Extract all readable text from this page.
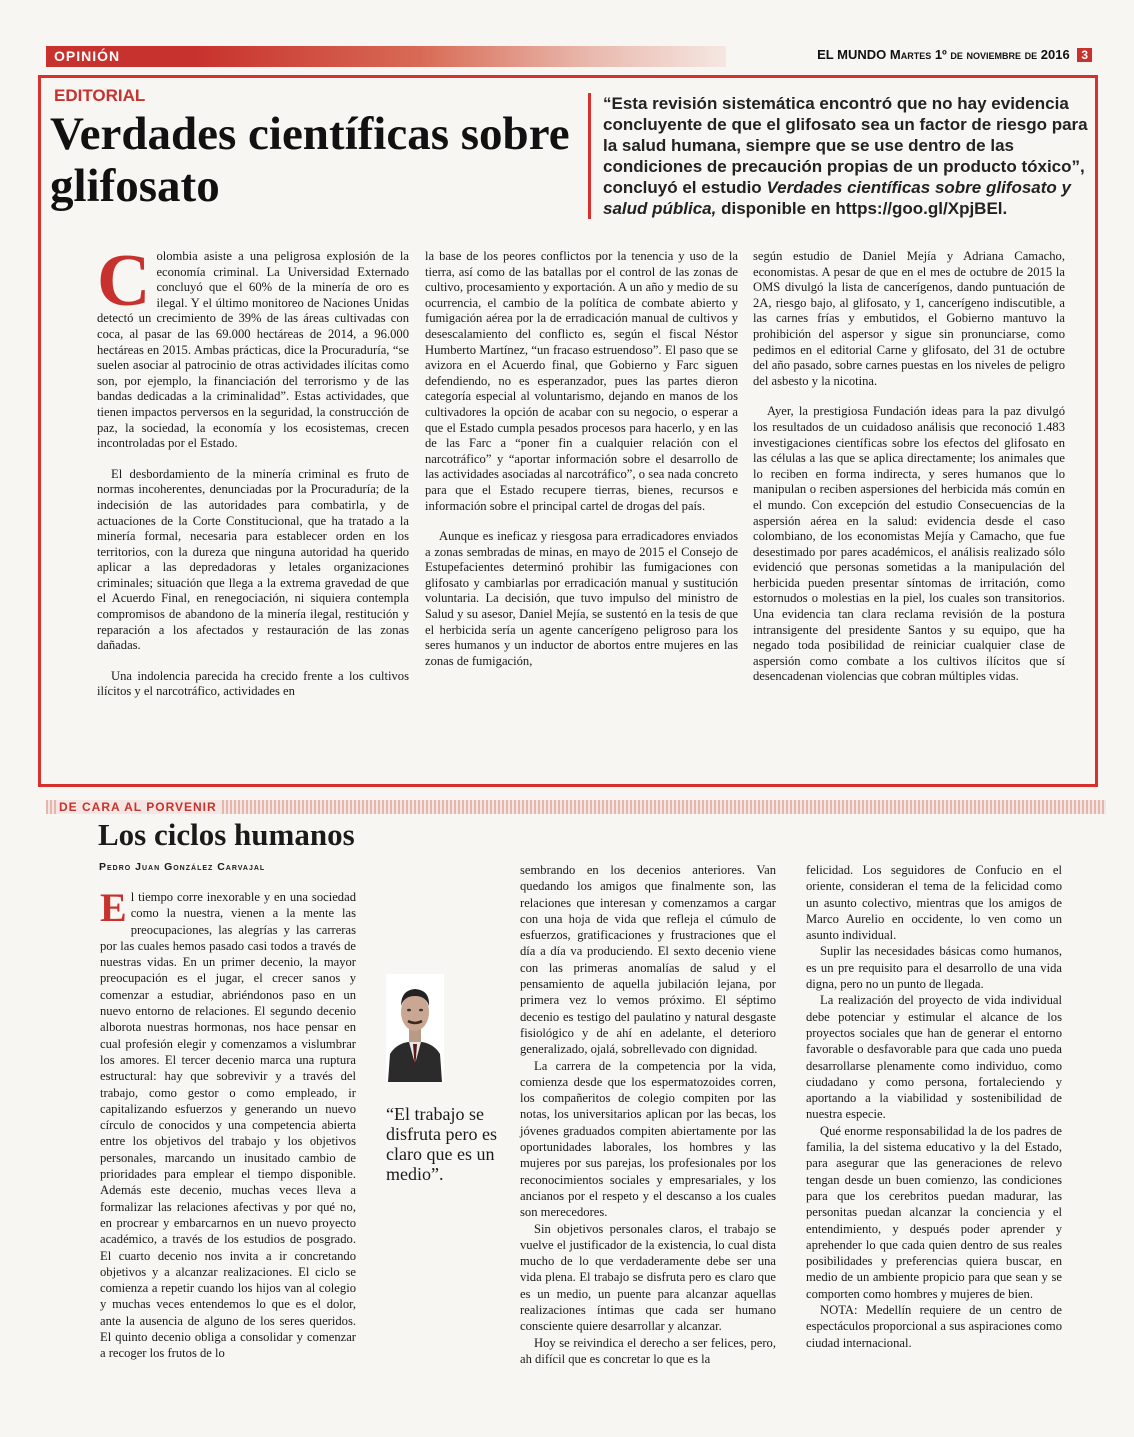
OPINIÓN	EL MUNDO Martes 1º de noviembre de 2016 3
EDITORIAL
Verdades científicas sobre glifosato
“Esta revisión sistemática encontró que no hay evidencia concluyente de que el glifosato sea un factor de riesgo para la salud humana, siempre que se use dentro de las condiciones de precaución propias de un producto tóxico”, concluyó el estudio Verdades científicas sobre glifosato y salud pública, disponible en https://goo.gl/XpjBEl.

Colombia asiste a una peligrosa explosión de la economía criminal. La Universidad Externado concluyó que el 60% de la minería de oro es ilegal. Y el último monitoreo de Naciones Unidas detectó un crecimiento de 39% de las áreas cultivadas con coca, al pasar de las 69.000 hectáreas de 2014, a 96.000 hectáreas en 2015. Ambas prácticas, dice la Procuraduría, “se suelen asociar al patrocinio de otras actividades ilícitas como son, por ejemplo, la financiación del terrorismo y de las bandas dedicadas a la criminalidad”. Estas actividades, que tienen impactos perversos en la seguridad, la construcción de paz, la sociedad, la economía y los ecosistemas, crecen incontroladas por el Estado.

El desbordamiento de la minería criminal es fruto de normas incoherentes, denunciadas por la Procuraduría; de la indecisión de las autoridades para combatirla, y de actuaciones de la Corte Constitucional, que ha tratado a la minería formal, necesaria para establecer orden en los territorios, con la dureza que ninguna autoridad ha querido aplicar a las depredadoras y letales organizaciones criminales; situación que llega a la extrema gravedad de que el Acuerdo Final, en renegociación, ni siquiera contempla compromisos de abandono de la minería ilegal, restitución y reparación a los afectados y restauración de las zonas dañadas.

Una indolencia parecida ha crecido frente a los cultivos ilícitos y el narcotráfico, actividades en

la base de los peores conflictos por la tenencia y uso de la tierra, así como de las batallas por el control de las zonas de cultivo, procesamiento y exportación. A un año y medio de su ocurrencia, el cambio de la política de combate abierto y fumigación aérea por la de erradicación manual de cultivos y desescalamiento del conflicto es, según el fiscal Néstor Humberto Martínez, “un fracaso estruendoso”. El paso que se avizora en el Acuerdo final, que Gobierno y Farc siguen defendiendo, no es esperanzador, pues las partes dieron categoría especial al voluntarismo, dejando en manos de los cultivadores la opción de acabar con su negocio, o esperar a que el Estado cumpla pesados procesos para hacerlo, y en las de las Farc a “poner fin a cualquier relación con el narcotráfico” y “aportar información sobre el desarrollo de las actividades asociadas al narcotráfico”, o sea nada concreto para que el Estado recupere tierras, bienes, recursos e información sobre el principal cartel de drogas del país.

Aunque es ineficaz y riesgosa para erradicadores enviados a zonas sembradas de minas, en mayo de 2015 el Consejo de Estupefacientes determinó prohibir las fumigaciones con glifosato y cambiarlas por erradicación manual y sustitución voluntaria. La decisión, que tuvo impulso del ministro de Salud y su asesor, Daniel Mejía, se sustentó en la tesis de que el herbicida sería un agente cancerígeno peligroso para los seres humanos y un inductor de abortos entre mujeres en las zonas de fumigación,

según estudio de Daniel Mejía y Adriana Camacho, economistas. A pesar de que en el mes de octubre de 2015 la OMS divulgó la lista de cancerígenos, dando puntuación de 2A, riesgo bajo, al glifosato, y 1, cancerígeno indiscutible, a las carnes frías y embutidos, el Gobierno mantuvo la prohibición del aspersor y sigue sin pronunciarse, como pedimos en el editorial Carne y glifosato, del 31 de octubre del año pasado, sobre carnes puestas en los niveles de peligro del asbesto y la nicotina.

Ayer, la prestigiosa Fundación ideas para la paz divulgó los resultados de un cuidadoso análisis que reconoció 1.483 investigaciones científicas sobre los efectos del glifosato en las células a las que se aplica directamente; los animales que lo reciben en forma indirecta, y seres humanos que lo manipulan o reciben aspersiones del herbicida más común en el mundo. Con excepción del estudio Consecuencias de la aspersión aérea en la salud: evidencia desde el caso colombiano, de los economistas Mejía y Camacho, que fue desestimado por pares académicos, el análisis realizado sólo evidenció que personas sometidas a la manipulación del herbicida pueden presentar síntomas de irritación, como estornudos o molestias en la piel, los cuales son transitorios. Una evidencia tan clara reclama revisión de la postura intransigente del presidente Santos y su equipo, que ha negado toda posibilidad de reiniciar cualquier clase de aspersión como combate a los cultivos ilícitos que sí desencadenan violencias que cobran múltiples vidas.

DE CARA AL PORVENIR
Los ciclos humanos
Pedro Juan González Carvajal

El tiempo corre inexorable y en una sociedad como la nuestra, vienen a la mente las preocupaciones, las alegrías y las carreras por las cuales hemos pasado casi todos a través de nuestras vidas. En un primer decenio, la mayor preocupación es el jugar, el crecer sanos y comenzar a estudiar, abriéndonos paso en un nuevo entorno de relaciones. El segundo decenio alborota nuestras hormonas, nos hace pensar en cual profesión elegir y comenzamos a vislumbrar los amores. El tercer decenio marca una ruptura estructural: hay que sobrevivir y a través del trabajo, como gestor o como empleado, ir capitalizando esfuerzos y generando un nuevo círculo de conocidos y una competencia abierta entre los objetivos del trabajo y los objetivos personales, marcando un inusitado cambio de prioridades para emplear el tiempo disponible. Además este decenio, muchas veces lleva a formalizar las relaciones afectivas y por qué no, en procrear y embarcarnos en un nuevo proyecto académico, a través de los estudios de posgrado. El cuarto decenio nos invita a ir concretando objetivos y a alcanzar realizaciones. El ciclo se comienza a repetir cuando los hijos van al colegio y muchas veces entendemos lo que es el dolor, ante la ausencia de alguno de los seres queridos. El quinto decenio obliga a consolidar y comenzar a recoger los frutos de lo

“El trabajo se disfruta pero es claro que es un medio”.

sembrando en los decenios anteriores. Van quedando los amigos que finalmente son, las relaciones que interesan y comenzamos a cargar con una hoja de vida que refleja el cúmulo de esfuerzos, gratificaciones y frustraciones que el día a día va produciendo. El sexto decenio viene con las primeras anomalías de salud y el pensamiento de aquella jubilación lejana, por primera vez lo vemos próximo. El séptimo decenio es testigo del paulatino y natural desgaste fisiológico y de ahí en adelante, el deterioro generalizado, ojalá, sobrellevado con dignidad.

La carrera de la competencia por la vida, comienza desde que los espermatozoides corren, los compañeritos de colegio compiten por las notas, los universitarios aplican por las becas, los jóvenes graduados compiten abiertamente por las oportunidades laborales, los hombres y las mujeres por sus parejas, los profesionales por los reconocimientos sociales y empresariales, y los ancianos por el respeto y el descanso a los cuales son merecedores.

Sin objetivos personales claros, el trabajo se vuelve el justificador de la existencia, lo cual dista mucho de lo que verdaderamente debe ser una vida plena. El trabajo se disfruta pero es claro que es un medio, un puente para alcanzar aquellas realizaciones íntimas que cada ser humano consciente quiere desarrollar y alcanzar.

Hoy se reivindica el derecho a ser felices, pero, ah difícil que es concretar lo que es la

felicidad. Los seguidores de Confucio en el oriente, consideran el tema de la felicidad como un asunto colectivo, mientras que los amigos de Marco Aurelio en occidente, lo ven como un asunto individual.

Suplir las necesidades básicas como humanos, es un pre requisito para el desarrollo de una vida digna, pero no un punto de llegada.

La realización del proyecto de vida individual debe potenciar y estimular el alcance de los proyectos sociales que han de generar el entorno favorable o desfavorable para que cada uno pueda desarrollarse plenamente como individuo, como ciudadano y como persona, fortaleciendo y aportando a la viabilidad y sostenibilidad de nuestra especie.

Qué enorme responsabilidad la de los padres de familia, la del sistema educativo y la del Estado, para asegurar que las generaciones de relevo tengan desde un buen comienzo, las condiciones para que los cerebritos puedan madurar, las personitas puedan alcanzar la conciencia y el entendimiento, y después poder aprender y aprehender lo que cada quien dentro de sus reales posibilidades y preferencias quiera buscar, en medio de un ambiente propicio para que sean y se comporten como hombres y mujeres de bien.

NOTA: Medellín requiere de un centro de espectáculos proporcional a sus aspiraciones como ciudad internacional.
